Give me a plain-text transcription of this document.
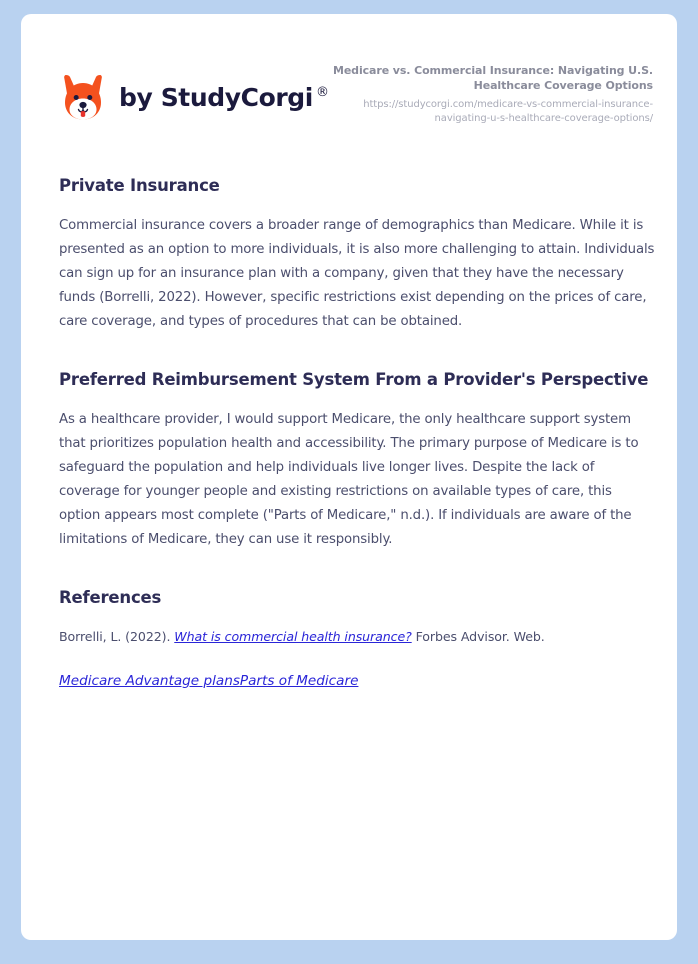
by StudyCorgi ®
Medicare vs. Commercial Insurance: Navigating U.S. Healthcare Coverage Options
https://studycorgi.com/medicare-vs-commercial-insurance-navigating-u-s-healthcare-coverage-options/
Private Insurance

Commercial insurance covers a broader range of demographics than Medicare. While it is presented as an option to more individuals, it is also more challenging to attain. Individuals can sign up for an insurance plan with a company, given that they have the necessary funds (Borrelli, 2022). However, specific restrictions exist depending on the prices of care, care coverage, and types of procedures that can be obtained.

Preferred Reimbursement System From a Provider's Perspective

As a healthcare provider, I would support Medicare, the only healthcare support system that prioritizes population health and accessibility. The primary purpose of Medicare is to safeguard the population and help individuals live longer lives. Despite the lack of coverage for younger people and existing restrictions on available types of care, this option appears most complete ("Parts of Medicare," n.d.). If individuals are aware of the limitations of Medicare, they can use it responsibly.

References

Borrelli, L. (2022). What is commercial health insurance? Forbes Advisor. Web.

Medicare Advantage plansParts of Medicare
